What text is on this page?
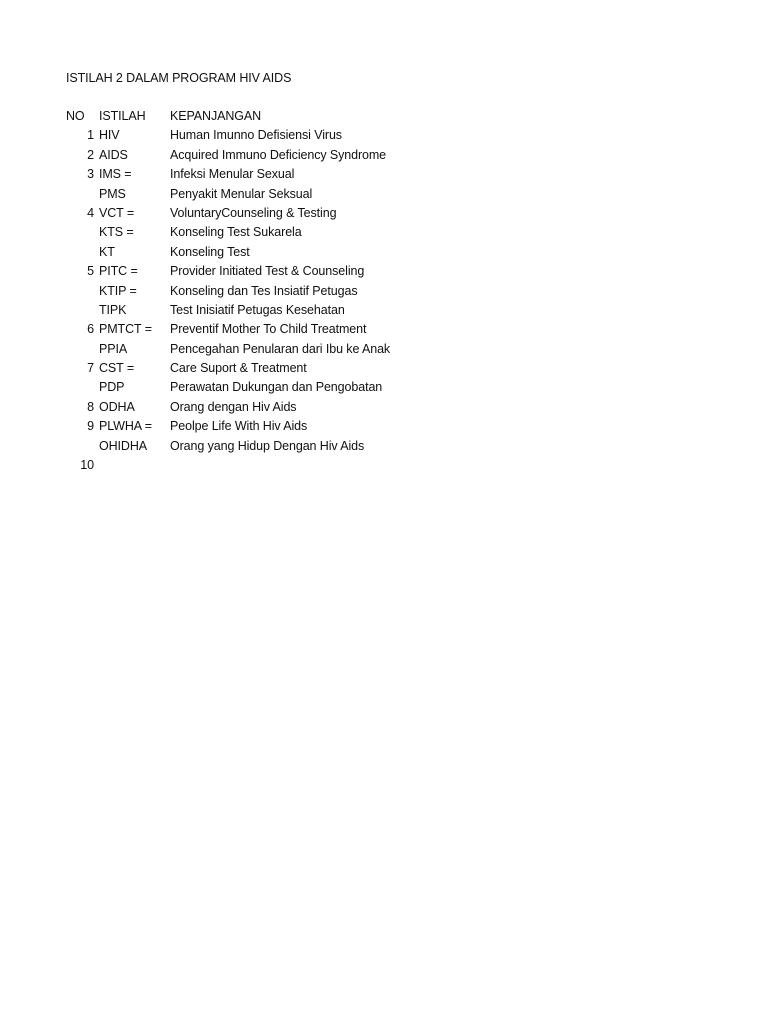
ISTILAH 2 DALAM PROGRAM HIV AIDS
NO ISTILAH KEPANJANGAN
1 HIV	Human Imunno Defisiensi Virus
2 AIDS	Acquired Immuno Deficiency Syndrome
3 IMS =	Infeksi Menular Sexual
PMS	Penyakit Menular Seksual
4 VCT =	VoluntaryCounseling & Testing
KTS =	Konseling Test Sukarela
KT	Konseling Test
5 PITC =	Provider Initiated Test & Counseling
KTIP =	Konseling dan Tes Insiatif Petugas
TIPK	Test Inisiatif Petugas Kesehatan
6 PMTCT = Preventif Mother To Child Treatment
PPIA	Pencegahan Penularan dari Ibu ke Anak
7 CST =	Care Suport & Treatment
PDP	Perawatan Dukungan dan Pengobatan
8 ODHA	Orang dengan Hiv Aids
9 PLWHA = Peolpe Life With Hiv Aids
OHIDHA Orang yang Hidup Dengan Hiv Aids
10
